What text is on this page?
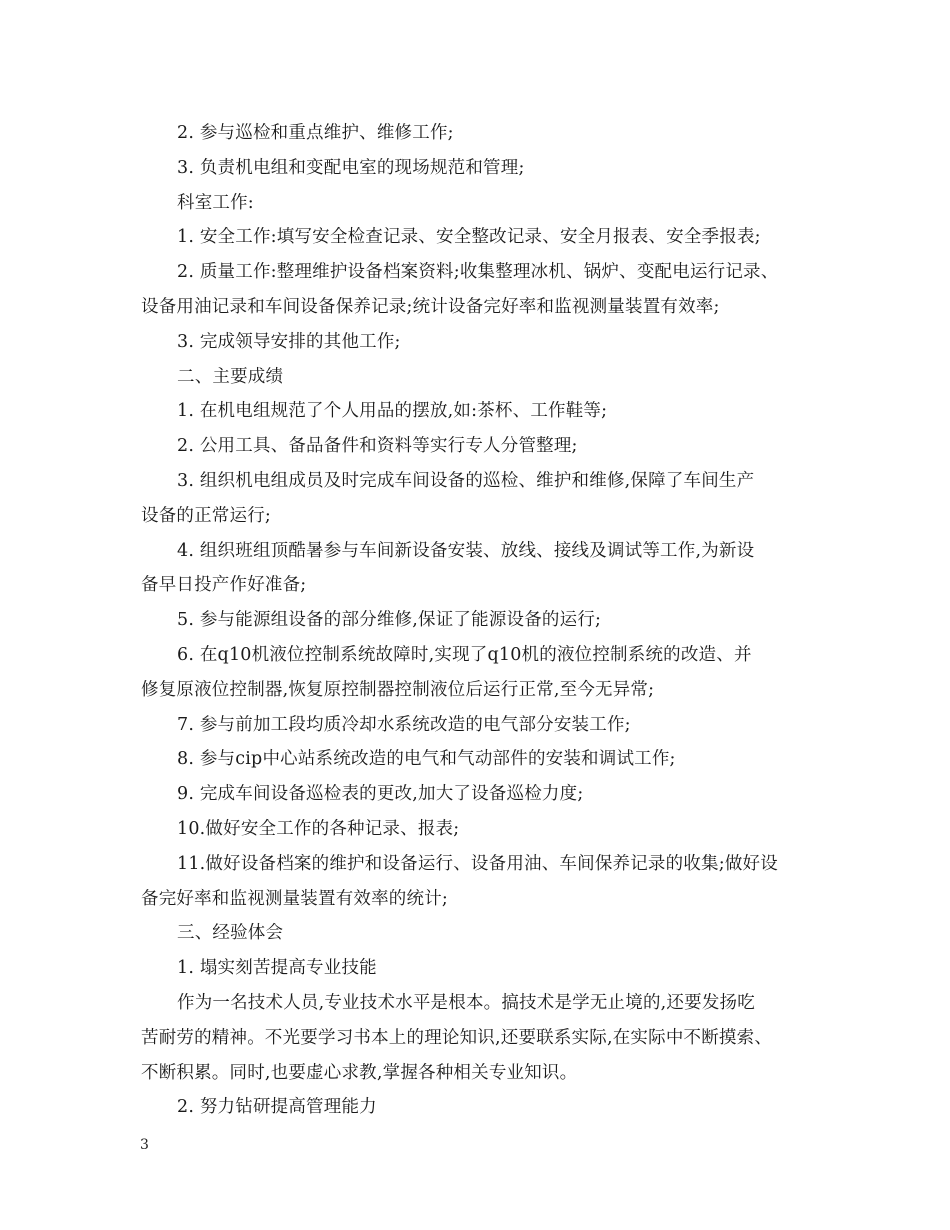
2. 参与巡检和重点维护、维修工作;
3. 负责机电组和变配电室的现场规范和管理;
科室工作:
1. 安全工作:填写安全检查记录、安全整改记录、安全月报表、安全季报表;
2. 质量工作:整理维护设备档案资料;收集整理冰机、锅炉、变配电运行记录、
设备用油记录和车间设备保养记录;统计设备完好率和监视测量装置有效率;
3. 完成领导安排的其他工作;
二、主要成绩
1. 在机电组规范了个人用品的摆放,如:茶杯、工作鞋等;
2. 公用工具、备品备件和资料等实行专人分管整理;
3. 组织机电组成员及时完成车间设备的巡检、维护和维修,保障了车间生产
设备的正常运行;
4. 组织班组顶酷暑参与车间新设备安装、放线、接线及调试等工作,为新设
备早日投产作好准备;
5. 参与能源组设备的部分维修,保证了能源设备的运行;
6. 在q10机液位控制系统故障时,实现了q10机的液位控制系统的改造、并
修复原液位控制器,恢复原控制器控制液位后运行正常,至今无异常;
7. 参与前加工段均质冷却水系统改造的电气部分安装工作;
8. 参与cip中心站系统改造的电气和气动部件的安装和调试工作;
9. 完成车间设备巡检表的更改,加大了设备巡检力度;
10.做好安全工作的各种记录、报表;
11.做好设备档案的维护和设备运行、设备用油、车间保养记录的收集;做好设
备完好率和监视测量装置有效率的统计;
三、经验体会
1. 塌实刻苦提高专业技能
作为一名技术人员,专业技术水平是根本。搞技术是学无止境的,还要发扬吃
苦耐劳的精神。不光要学习书本上的理论知识,还要联系实际,在实际中不断摸索、
不断积累。同时,也要虚心求教,掌握各种相关专业知识。
2. 努力钻研提高管理能力
3
